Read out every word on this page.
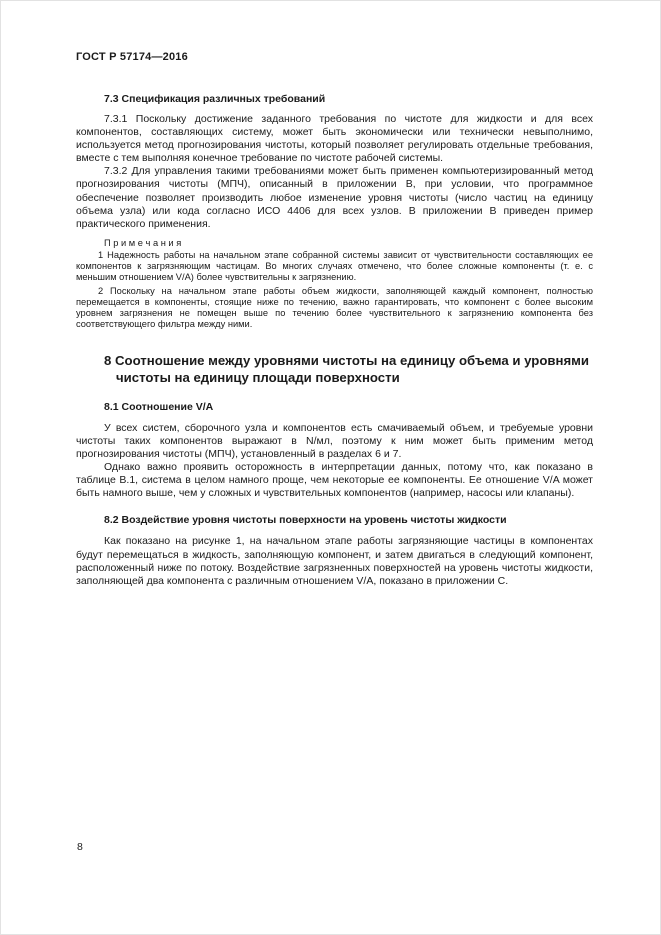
ГОСТ Р 57174—2016

7.3 Спецификация различных требований

7.3.1 Поскольку достижение заданного требования по чистоте для жидкости и для всех компонентов, составляющих систему, может быть экономически или технически невыполнимо, используется метод прогнозирования чистоты, который позволяет регулировать отдельные требования, вместе с тем выполняя конечное требование по чистоте рабочей системы.

7.3.2 Для управления такими требованиями может быть применен компьютеризированный метод прогнозирования чистоты (МПЧ), описанный в приложении В, при условии, что программное обеспечение позволяет производить любое изменение уровня чистоты (число частиц на единицу объема узла) или кода согласно ИСО 4406 для всех узлов. В приложении В приведен пример практического применения.

П р и м е ч а н и я

1 Надежность работы на начальном этапе собранной системы зависит от чувствительности составляющих ее компонентов к загрязняющим частицам. Во многих случаях отмечено, что более сложные компоненты (т. е. с меньшим отношением V/A) более чувствительны к загрязнению.

2 Поскольку на начальном этапе работы объем жидкости, заполняющей каждый компонент, полностью перемещается в компоненты, стоящие ниже по течению, важно гарантировать, что компонент с более высоким уровнем загрязнения не помещен выше по течению более чувствительного к загрязнению компонента без соответствующего фильтра между ними.

8 Соотношение между уровнями чистоты на единицу объема и уровнями чистоты на единицу площади поверхности

8.1 Соотношение V/A

У всех систем, сборочного узла и компонентов есть смачиваемый объем, и требуемые уровни чистоты таких компонентов выражают в N/мл, поэтому к ним может быть применим метод прогнозирования чистоты (МПЧ), установленный в разделах 6 и 7.

Однако важно проявить осторожность в интерпретации данных, потому что, как показано в таблице В.1, система в целом намного проще, чем некоторые ее компоненты. Ее отношение V/A может быть намного выше, чем у сложных и чувствительных компонентов (например, насосы или клапаны).

8.2 Воздействие уровня чистоты поверхности на уровень чистоты жидкости

Как показано на рисунке 1, на начальном этапе работы загрязняющие частицы в компонентах будут перемещаться в жидкость, заполняющую компонент, и затем двигаться в следующий компонент, расположенный ниже по потоку. Воздействие загрязненных поверхностей на уровень чистоты жидкости, заполняющей два компонента с различным отношением V/A, показано в приложении С.

8
